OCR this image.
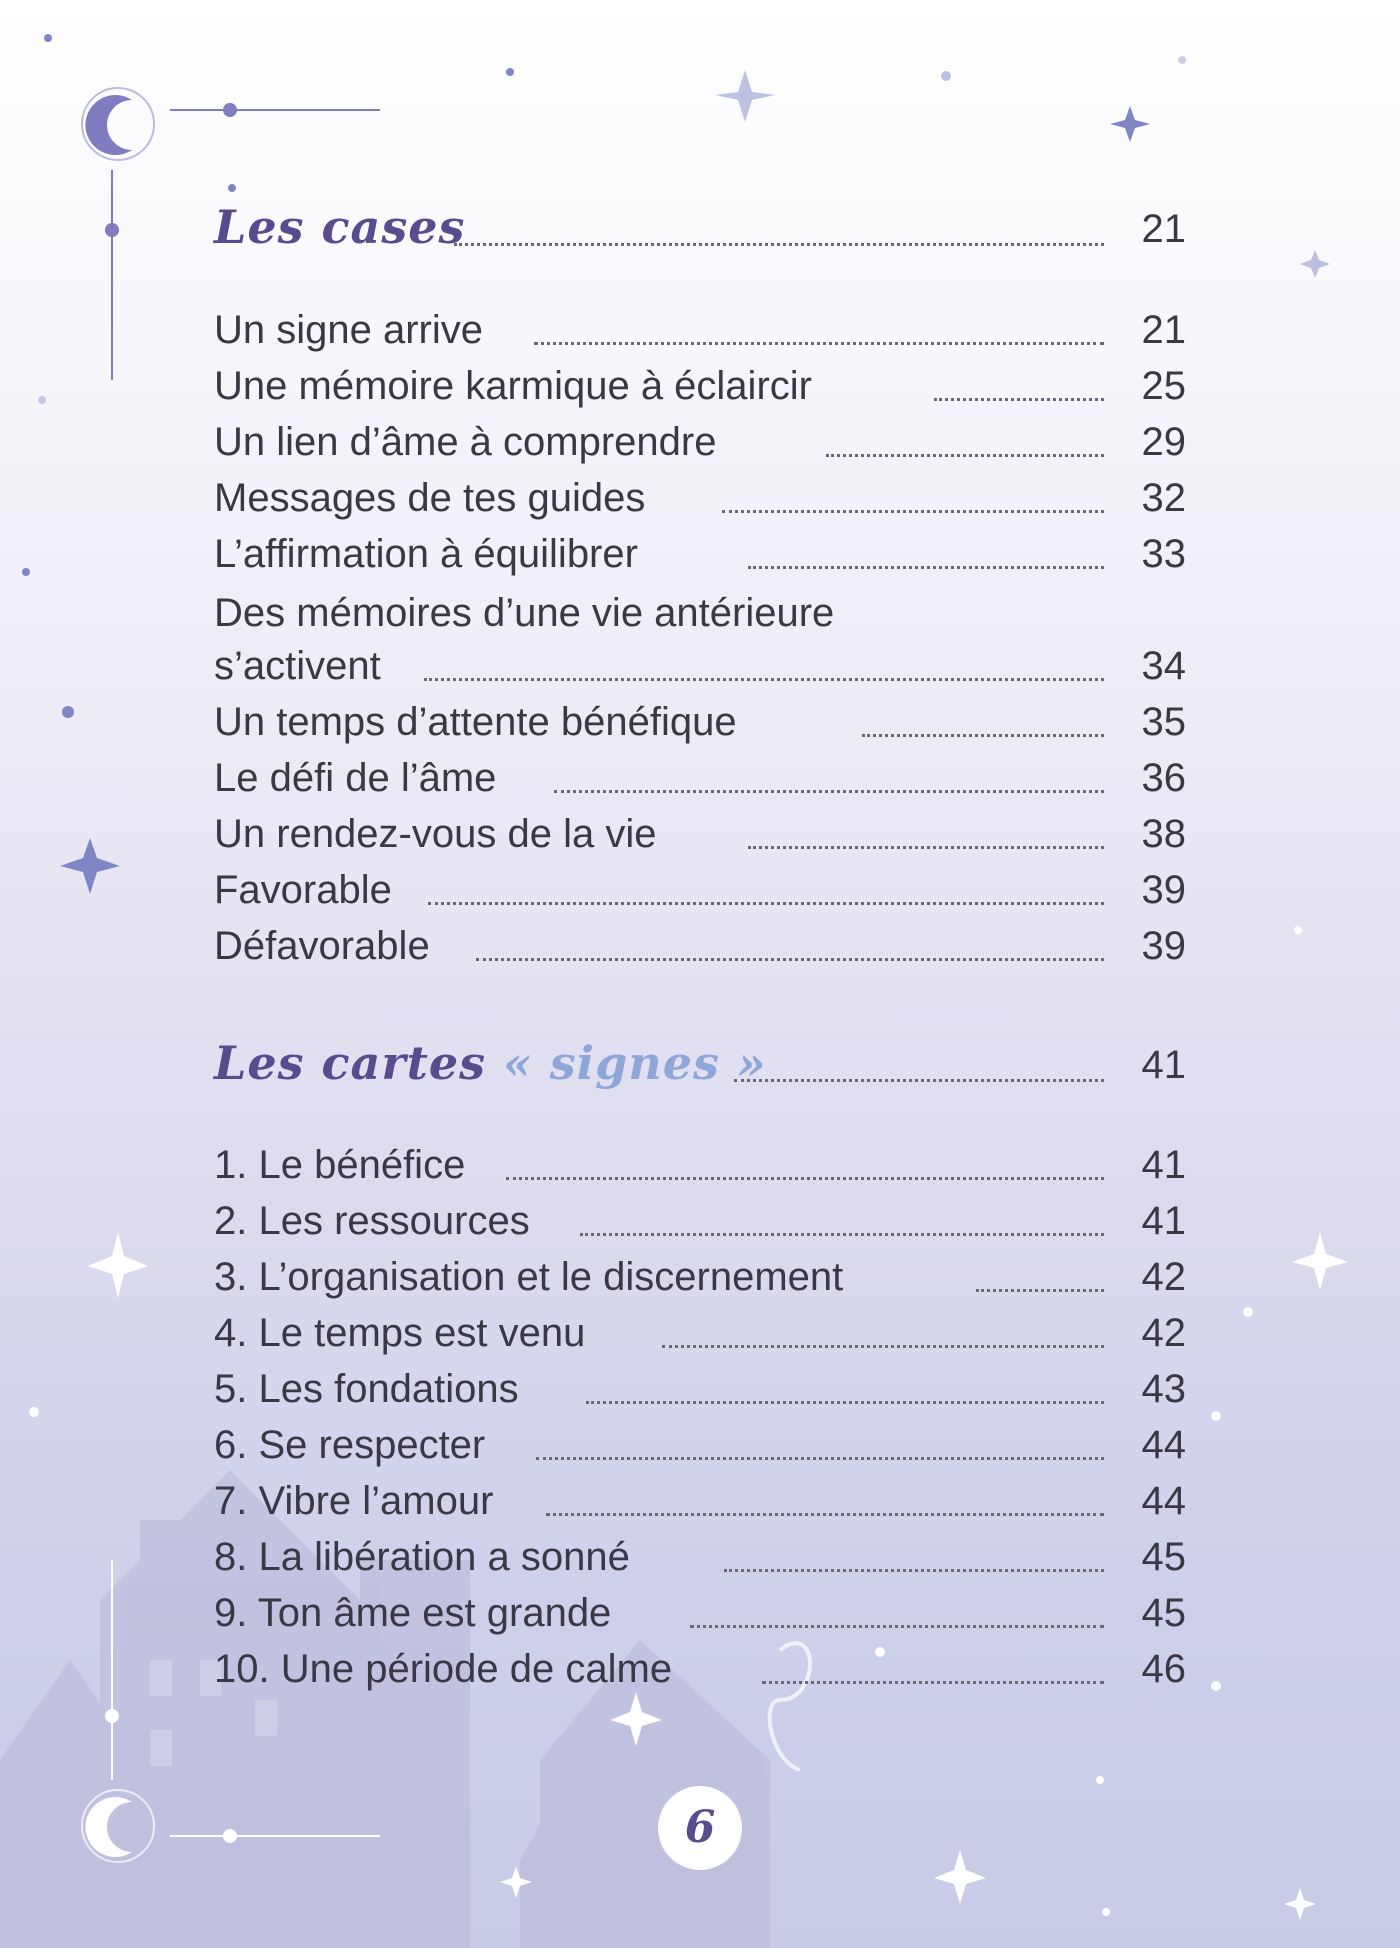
Les cases	21
Un signe arrive	21
Une mémoire karmique à éclaircir	25
Un lien d’âme à comprendre	29
Messages de tes guides	32
L’affirmation à équilibrer	33
Des mémoires d’une vie antérieure
s’activent	34
Un temps d’attente bénéfique	35
Le défi de l’âme	36
Un rendez-vous de la vie	38
Favorable	39
Défavorable	39
Les cartes « signes »	41
1. Le bénéfice	41
2. Les ressources	41
3. L’organisation et le discernement	42
4. Le temps est venu	42
5. Les fondations	43
6. Se respecter	44
7. Vibre l’amour	44
8. La libération a sonné	45
9. Ton âme est grande	45
10. Une période de calme	46
6
